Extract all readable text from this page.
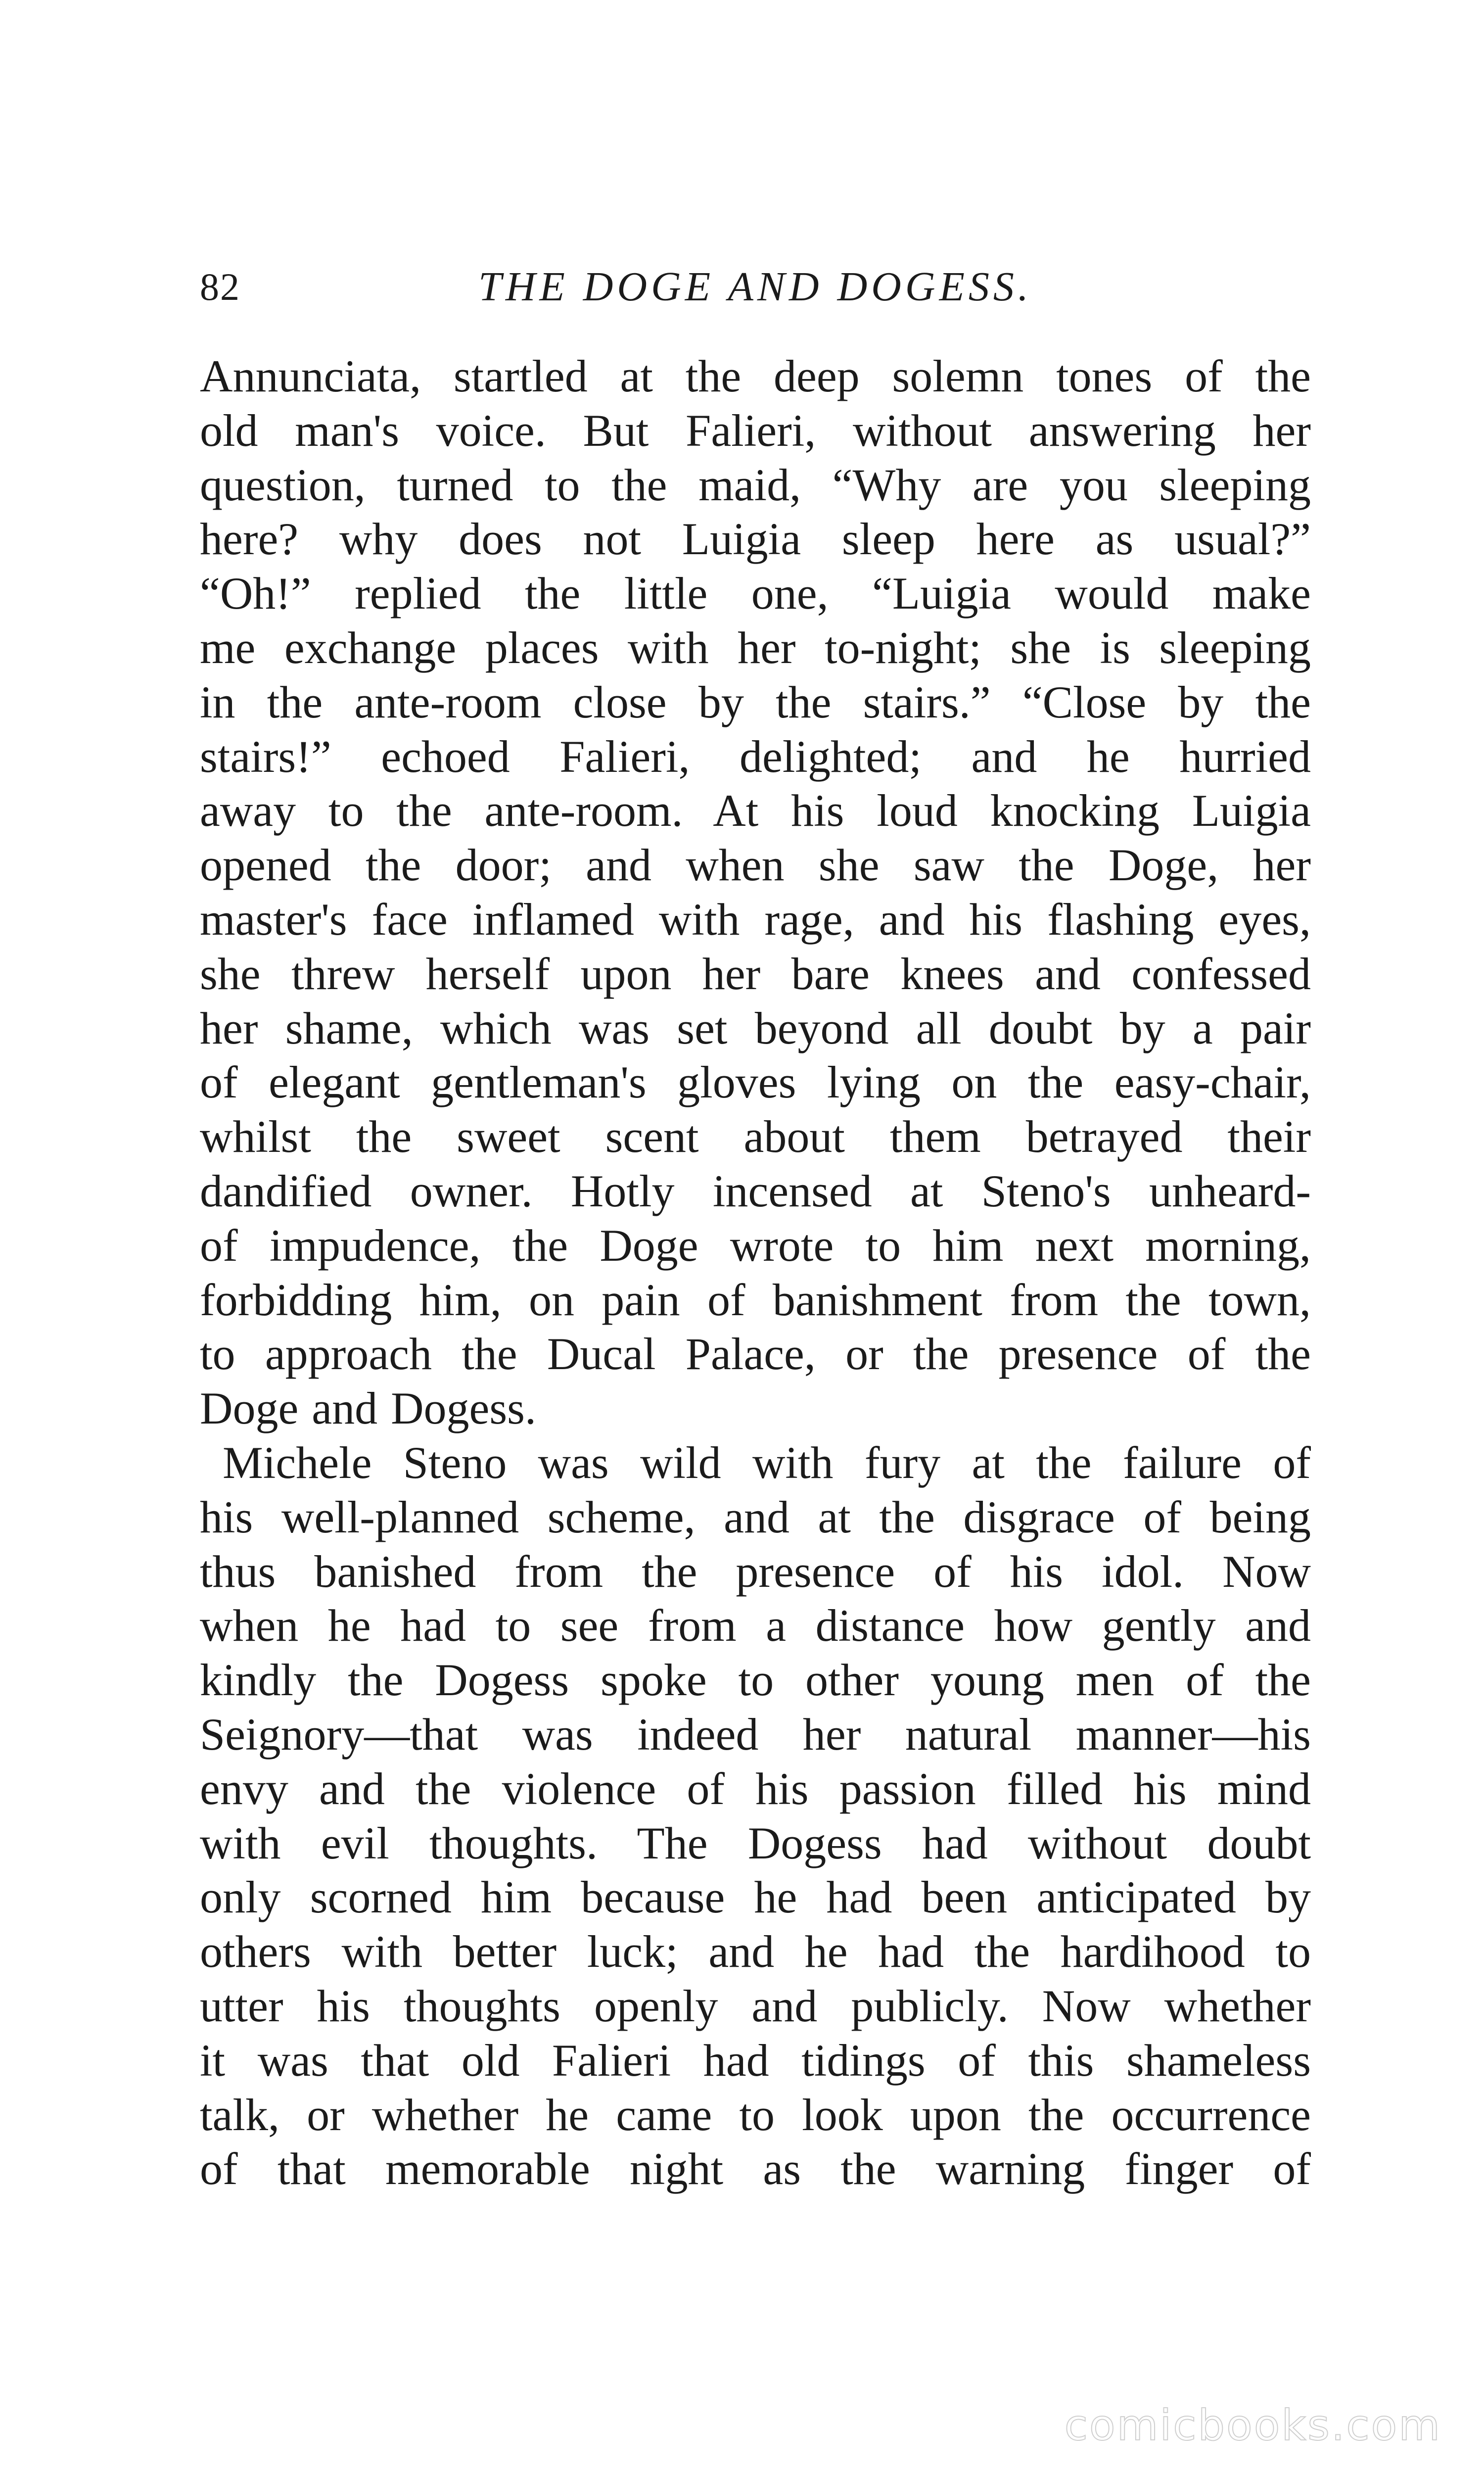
82	THE DOGE AND DOGESS.
Annunciata, startled at the deep solemn tones of the
old man's voice. But Falieri, without answering her
question, turned to the maid, “Why are you sleeping
here? why does not Luigia sleep here as usual?”
“Oh!” replied the little one, “Luigia would make
me exchange places with her to-night; she is sleeping
in the ante-room close by the stairs.” “Close by the
stairs!” echoed Falieri, delighted; and he hurried
away to the ante-room. At his loud knocking Luigia
opened the door; and when she saw the Doge, her
master's face inflamed with rage, and his flashing eyes,
she threw herself upon her bare knees and confessed
her shame, which was set beyond all doubt by a pair
of elegant gentleman's gloves lying on the easy-chair,
whilst the sweet scent about them betrayed their
dandified owner. Hotly incensed at Steno's unheard-
of impudence, the Doge wrote to him next morning,
forbidding him, on pain of banishment from the town,
to approach the Ducal Palace, or the presence of the
Doge and Dogess.
Michele Steno was wild with fury at the failure of
his well-planned scheme, and at the disgrace of being
thus banished from the presence of his idol. Now
when he had to see from a distance how gently and
kindly the Dogess spoke to other young men of the
Seignory—that was indeed her natural manner—his
envy and the violence of his passion filled his mind
with evil thoughts. The Dogess had without doubt
only scorned him because he had been anticipated by
others with better luck; and he had the hardihood to
utter his thoughts openly and publicly. Now whether
it was that old Falieri had tidings of this shameless
talk, or whether he came to look upon the occurrence
of that memorable night as the warning finger of
comicbooks.com
